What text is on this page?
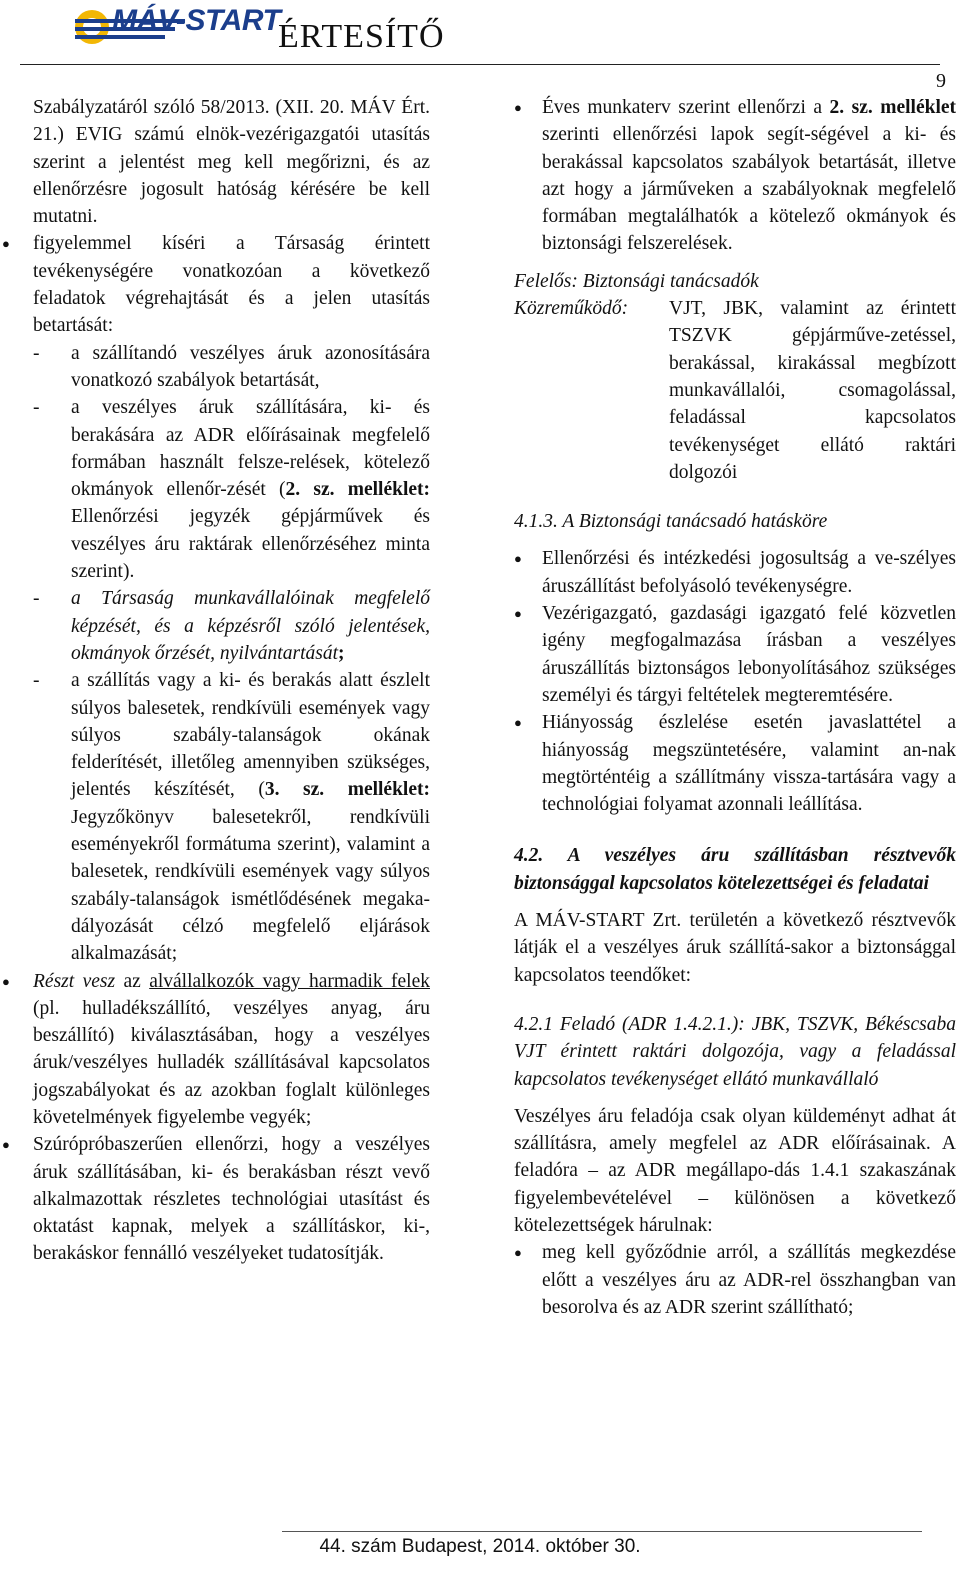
MÁV-START
ÉRTESÍTŐ
9

Szabályzatáról szóló 58/2013. (XII. 20. MÁV Ért. 21.) EVIG számú elnök-vezérigazgatói utasítás szerint a jelentést meg kell megőrizni, és az ellenőrzésre jogosult hatóság kérésére be kell mutatni.

● figyelemmel kíséri a Társaság érintett tevékenységére vonatkozóan a következő feladatok végrehajtását és a jelen utasítás betartását:
- a szállítandó veszélyes áruk azonosítására vonatkozó szabályok betartását,
- a veszélyes áruk szállítására, ki- és berakására az ADR előírásainak megfelelő formában használt felsze-relések, kötelező okmányok ellenőr-zését (2. sz. melléklet: Ellenőrzési jegyzék gépjárművek és veszélyes áru raktárak ellenőrzéséhez minta szerint).
- a Társaság munkavállalóinak megfelelő képzését, és a képzésről szóló jelentések, okmányok őrzését, nyilvántartását;
- a szállítás vagy a ki- és berakás alatt észlelt súlyos balesetek, rendkívüli események vagy súlyos szabály-talanságok okának felderítését, illetőleg amennyiben szükséges, jelentés készítését, (3. sz. melléklet: Jegyzőkönyv balesetekről, rendkívüli eseményekről formátuma szerint), valamint a balesetek, rendkívüli események vagy súlyos szabály-talanságok ismétlődésének megaka-dályozását célzó megfelelő eljárások alkalmazását;
● Részt vesz az alvállalkozók vagy harmadik felek (pl. hulladékszállító, veszélyes anyag, áru beszállító) kiválasztásában, hogy a veszélyes áruk/veszélyes hulladék szállításával kapcsolatos jogszabályokat és az azokban foglalt különleges követelmények figyelembe vegyék;
● Szúrópróbaszerűen ellenőrzi, hogy a veszélyes áruk szállításában, ki- és berakásban részt vevő alkalmazottak részletes technológiai utasítást és oktatást kapnak, melyek a szállításkor, ki-, berakáskor fennálló veszélyeket tudatosítják.
● Éves munkaterv szerint ellenőrzi a 2. sz. melléklet szerinti ellenőrzési lapok segít-ségével a ki- és berakással kapcsolatos szabályok betartását, illetve azt hogy a járműveken a szabályoknak megfelelő formában megtalálhatók a kötelező okmányok és biztonsági felszerelések.

Felelős: Biztonsági tanácsadók

Közreműködő:	VJT, JBK, valamint az érintett TSZVK gépjárműve-zetéssel, berakással, kirakással megbízott munkavállalói, csomagolással, feladással kapcsolatos tevékenységet ellátó raktári dolgozói

4.1.3. A Biztonsági tanácsadó hatásköre

● Ellenőrzési és intézkedési jogosultság a ve-szélyes áruszállítást befolyásoló tevékenységre.
● Vezérigazgató, gazdasági igazgató felé közvetlen igény megfogalmazása írásban a veszélyes áruszállítás biztonságos lebonyolításához szükséges személyi és tárgyi feltételek megteremtésére.
● Hiányosság észlelése esetén javaslattétel a hiányosság megszüntetésére, valamint an-nak megtörténtéig a szállítmány vissza-tartására vagy a technológiai folyamat azonnali leállítása.

4.2. A veszélyes áru szállításban résztvevők biztonsággal kapcsolatos kötelezettségei és feladatai

A MÁV-START Zrt. területén a következő résztvevők látják el a veszélyes áruk szállítá-sakor a biztonsággal kapcsolatos teendőket:

4.2.1 Feladó (ADR 1.4.2.1.): JBK, TSZVK, Békéscsaba VJT érintett raktári dolgozója, vagy a feladással kapcsolatos tevékenységet ellátó munkavállaló

Veszélyes áru feladója csak olyan küldeményt adhat át szállításra, amely megfelel az ADR előírásainak. A feladóra – az ADR megállapo-dás 1.4.1 szakaszának figyelembevételével – különösen a következő kötelezettségek hárulnak:

● meg kell győződnie arról, a szállítás megkezdése előtt a veszélyes áru az ADR-rel összhangban van besorolva és az ADR szerint szállítható;
44. szám Budapest, 2014. október 30.
